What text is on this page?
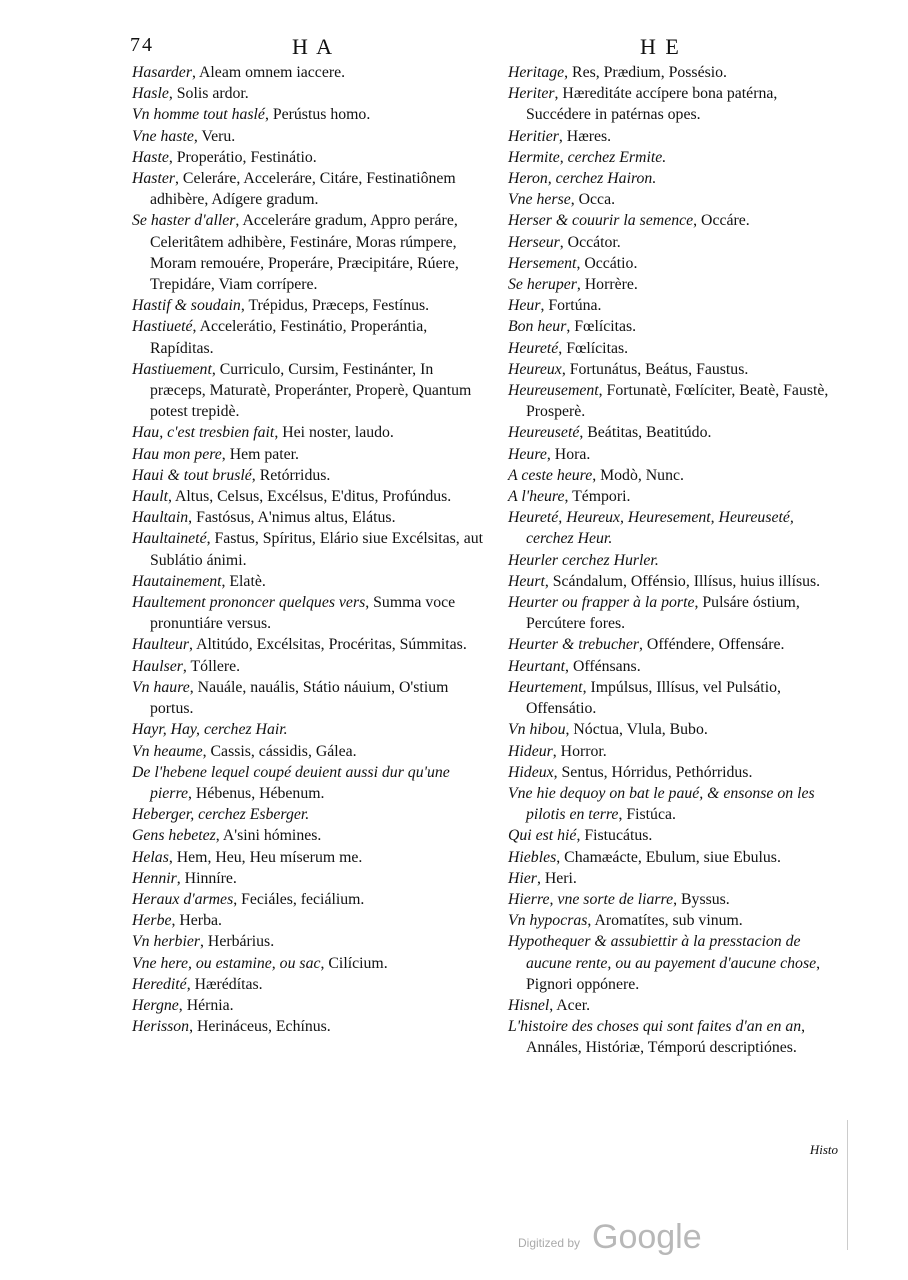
74	H A	H E
Hasarder, Aleam omnem iaccere.
Hasle, Solis ardor.
Vn homme tout haslé, Perústus homo.
Vne haste, Veru.
Haste, Properátio, Festinátio.
Haster, Celeráre, Acceleráre, Citáre, Festinatiônem adhibère, Adígere gradum.
Se haster d'aller, Acceleráre gradum, Appro peráre, Celeritâtem adhibère, Festináre, Moras rúmpere, Moram remouére, Properáre, Præcipitáre, Rúere, Trepidáre, Viam corrípere.
Hastif & soudain, Trépidus, Præceps, Festínus.
Hastiueté, Accelerátio, Festinátio, Properántia, Rapíditas.
Hastiuement, Curriculo, Cursim, Festinánter, In præceps, Maturatè, Properánter, Properè, Quantum potest trepidè.
Hau, c'est tresbien fait, Hei noster, laudo.
Hau mon pere, Hem pater.
Haui & tout bruslé, Retórridus.
Hault, Altus, Celsus, Excélsus, E'ditus, Profúndus.
Haultain, Fastósus, A'nimus altus, Elátus.
Haultaineté, Fastus, Spíritus, Elário siue Excélsitas, aut Sublátio ánimi.
Hautainement, Elatè.
Haultement prononcer quelques vers, Summa voce pronuntiáre versus.
Haulteur, Altitúdo, Excélsitas, Procéritas, Súmmitas.
Haulser, Tóllere.
Vn haure, Nauále, nauális, Státio náuium, O'stium portus.
Hayr, Hay, cerchez Hair.
Vn heaume, Cassis, cássidis, Gálea.
De l'hebene lequel coupé deuient aussi dur qu'une pierre, Hébenus, Hébenum.
Heberger, cerchez Esberger.
Gens hebetez, A'sini hómines.
Helas, Hem, Heu, Heu míserum me.
Hennir, Hinníre.
Heraux d'armes, Feciáles, feciálium.
Herbe, Herba.
Vn herbier, Herbárius.
Vne here, ou estamine, ou sac, Cilícium.
Heredité, Hærédítas.
Hergne, Hérnia.
Herisson, Herináceus, Echínus.
Heritage, Res, Prædium, Possésio.
Heriter, Hæreditáte accípere bona patérna, Succédere in patérnas opes.
Heritier, Hæres.
Hermite, cerchez Ermite.
Heron, cerchez Hairon.
Vne herse, Occa.
Herser & couurir la semence, Occáre.
Herseur, Occátor.
Hersement, Occátio.
Se heruper, Horrère.
Heur, Fortúna.
Bon heur, Fœlícitas.
Heureté, Fœlícitas.
Heureux, Fortunátus, Beátus, Faustus.
Heureusement, Fortunatè, Fœlíciter, Beatè, Faustè, Prosperè.
Heureuseté, Beátitas, Beatitúdo.
Heure, Hora.
A ceste heure, Modò, Nunc.
A l'heure, Témpori.
Heureté, Heureux, Heuresement, Heureuseté, cerchez Heur.
Heurler cerchez Hurler.
Heurt, Scándalum, Offénsio, Illísus, huius illísus.
Heurter ou frapper à la porte, Pulsáre óstium, Percútere fores.
Heurter & trebucher, Offéndere, Offensáre.
Heurtant, Offénsans.
Heurtement, Impúlsus, Illísus, vel Pulsátio, Offensátio.
Vn hibou, Nóctua, Vlula, Bubo.
Hideur, Horror.
Hideux, Sentus, Hórridus, Pethórridus.
Vne hie dequoy on bat le paué, & ensonse on les pilotis en terre, Fistúca.
Qui est hié, Fistucátus.
Hiebles, Chamæácte, Ebulum, siue Ebulus.
Hier, Heri.
Hierre, vne sorte de liarre, Byssus.
Vn hypocras, Aromatítes, sub vinum.
Hypothequer & assubiettir à la presstacion de aucune rente, ou au payement d'aucune chose, Pignori oppónere.
Hisnel, Acer.
L'histoire des choses qui sont faites d'an en an, Annáles, Históriæ, Témporú descriptiónes.
Histo
Digitized by Google
